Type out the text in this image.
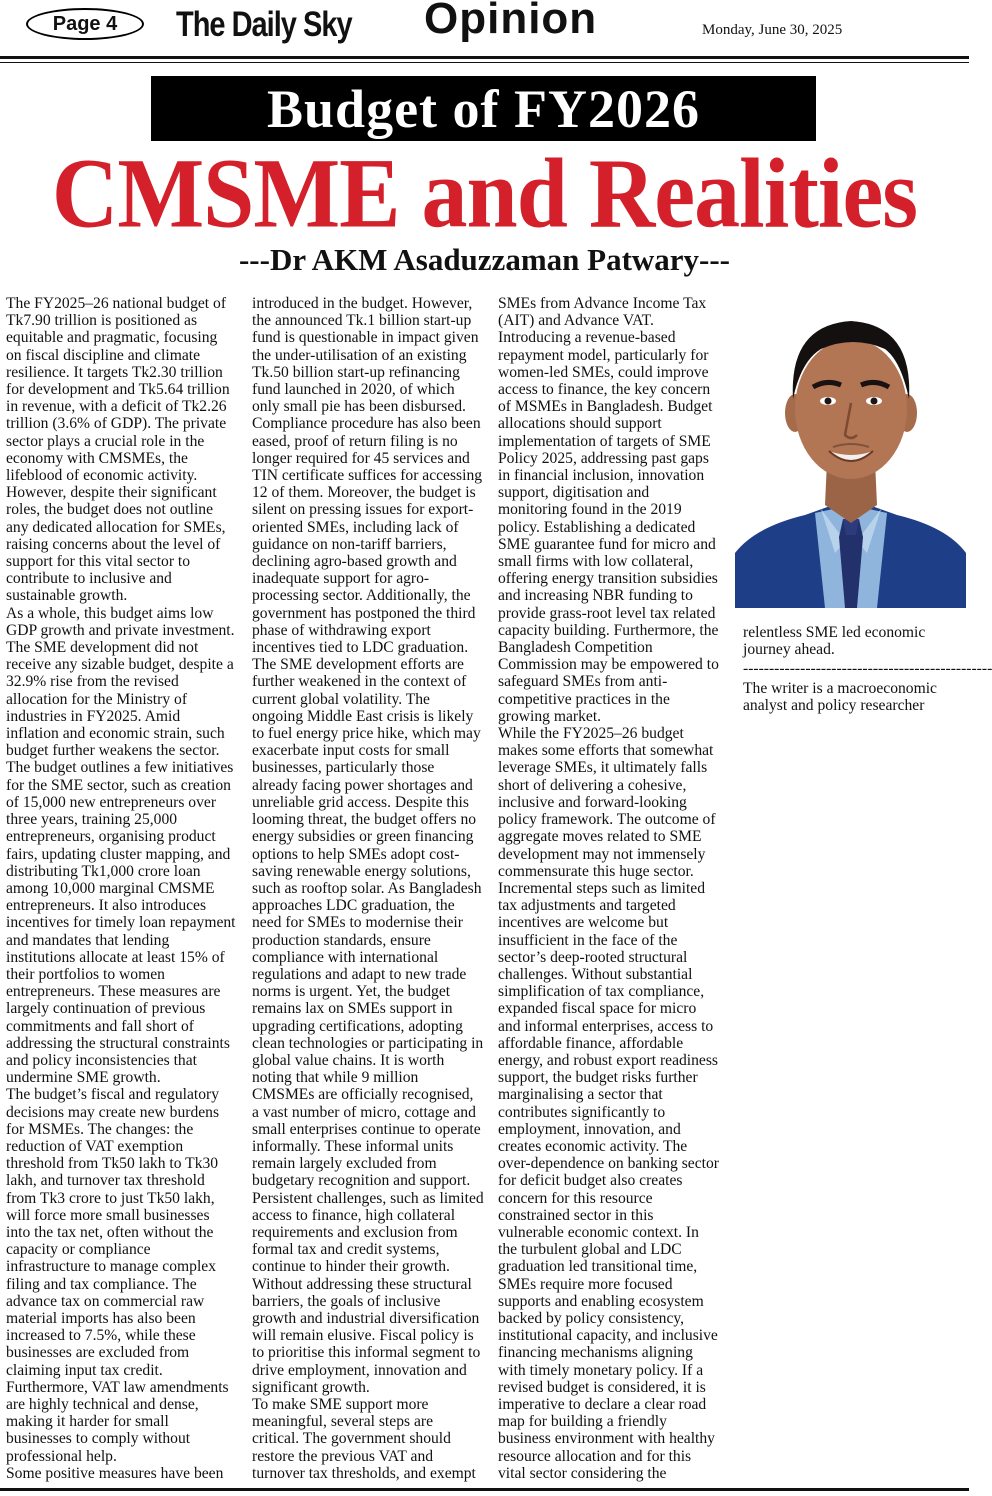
Page 4	The Daily Sky Opinion	Monday, June 30, 2025
Budget of FY2026
CMSME and Realities
---Dr AKM Asaduzzaman Patwary---

The FY2025–26 national budget of Tk7.90 trillion is positioned as equitable and pragmatic, focusing on fiscal discipline and climate resilience. It targets Tk2.30 trillion for development and Tk5.64 trillion in revenue, with a deficit of Tk2.26 trillion (3.6% of GDP). The private sector plays a crucial role in the economy with CMSMEs, the lifeblood of economic activity. However, despite their significant roles, the budget does not outline any dedicated allocation for SMEs, raising concerns about the level of support for this vital sector to contribute to inclusive and sustainable growth.

As a whole, this budget aims low GDP growth and private investment. The SME development did not receive any sizable budget, despite a 32.9% rise from the revised allocation for the Ministry of industries in FY2025. Amid inflation and economic strain, such budget further weakens the sector. The budget outlines a few initiatives for the SME sector, such as creation of 15,000 new entrepreneurs over three years, training 25,000 entrepreneurs, organising product fairs, updating cluster mapping, and distributing Tk1,000 crore loan among 10,000 marginal CMSME entrepreneurs. It also introduces incentives for timely loan repayment and mandates that lending institutions allocate at least 15% of their portfolios to women entrepreneurs. These measures are largely continuation of previous commitments and fall short of addressing the structural constraints and policy inconsistencies that undermine SME growth.

The budget’s fiscal and regulatory decisions may create new burdens for MSMEs. The changes: the reduction of VAT exemption threshold from Tk50 lakh to Tk30 lakh, and turnover tax threshold from Tk3 crore to just Tk50 lakh, will force more small businesses into the tax net, often without the capacity or compliance infrastructure to manage complex filing and tax compliance. The advance tax on commercial raw material imports has also been increased to 7.5%, while these businesses are excluded from claiming input tax credit. Furthermore, VAT law amendments are highly technical and dense, making it harder for small businesses to comply without professional help.

Some positive measures have been

introduced in the budget. However, the announced Tk.1 billion start-up fund is questionable in impact given the under-utilisation of an existing Tk.50 billion start-up refinancing fund launched in 2020, of which only small pie has been disbursed. Compliance procedure has also been eased, proof of return filing is no longer required for 45 services and TIN certificate suffices for accessing 12 of them. Moreover, the budget is silent on pressing issues for export-oriented SMEs, including lack of guidance on non-tariff barriers, declining agro-based growth and inadequate support for agro-processing sector. Additionally, the government has postponed the third phase of withdrawing export incentives tied to LDC graduation. The SME development efforts are further weakened in the context of current global volatility. The ongoing Middle East crisis is likely to fuel energy price hike, which may exacerbate input costs for small businesses, particularly those already facing power shortages and unreliable grid access. Despite this looming threat, the budget offers no energy subsidies or green financing options to help SMEs adopt cost-saving renewable energy solutions, such as rooftop solar. As Bangladesh approaches LDC graduation, the need for SMEs to modernise their production standards, ensure compliance with international regulations and adapt to new trade norms is urgent. Yet, the budget remains lax on SMEs support in upgrading certifications, adopting clean technologies or participating in global value chains. It is worth noting that while 9 million CMSMEs are officially recognised, a vast number of micro, cottage and small enterprises continue to operate informally. These informal units remain largely excluded from budgetary recognition and support. Persistent challenges, such as limited access to finance, high collateral requirements and exclusion from formal tax and credit systems, continue to hinder their growth. Without addressing these structural barriers, the goals of inclusive growth and industrial diversification will remain elusive. Fiscal policy is to prioritise this informal segment to drive employment, innovation and significant growth.

To make SME support more meaningful, several steps are critical. The government should restore the previous VAT and turnover tax thresholds, and exempt

SMEs from Advance Income Tax (AIT) and Advance VAT. Introducing a revenue-based repayment model, particularly for women-led SMEs, could improve access to finance, the key concern of MSMEs in Bangladesh. Budget allocations should support implementation of targets of SME Policy 2025, addressing past gaps in financial inclusion, innovation support, digitisation and monitoring found in the 2019 policy. Establishing a dedicated SME guarantee fund for micro and small firms with low collateral, offering energy transition subsidies and increasing NBR funding to provide grass-root level tax related capacity building. Furthermore, the Bangladesh Competition Commission may be empowered to safeguard SMEs from anti-competitive practices in the growing market.

While the FY2025–26 budget makes some efforts that somewhat leverage SMEs, it ultimately falls short of delivering a cohesive, inclusive and forward-looking policy framework. The outcome of aggregate moves related to SME development may not immensely commensurate this huge sector. Incremental steps such as limited tax adjustments and targeted incentives are welcome but insufficient in the face of the sector’s deep-rooted structural challenges. Without substantial simplification of tax compliance, expanded fiscal space for micro and informal enterprises, access to affordable finance, affordable energy, and robust export readiness support, the budget risks further marginalising a sector that contributes significantly to employment, innovation, and creates economic activity. The over-dependence on banking sector for deficit budget also creates concern for this resource constrained sector in this vulnerable economic context. In the turbulent global and LDC graduation led transitional time, SMEs require more focused supports and enabling ecosystem backed by policy consistency, institutional capacity, and inclusive financing mechanisms aligning with timely monetary policy. If a revised budget is considered, it is imperative to declare a clear road map for building a friendly business environment with healthy resource allocation and for this vital sector considering the

relentless SME led economic journey ahead.

------------------------------------------------

The writer is a macroeconomic analyst and policy researcher
